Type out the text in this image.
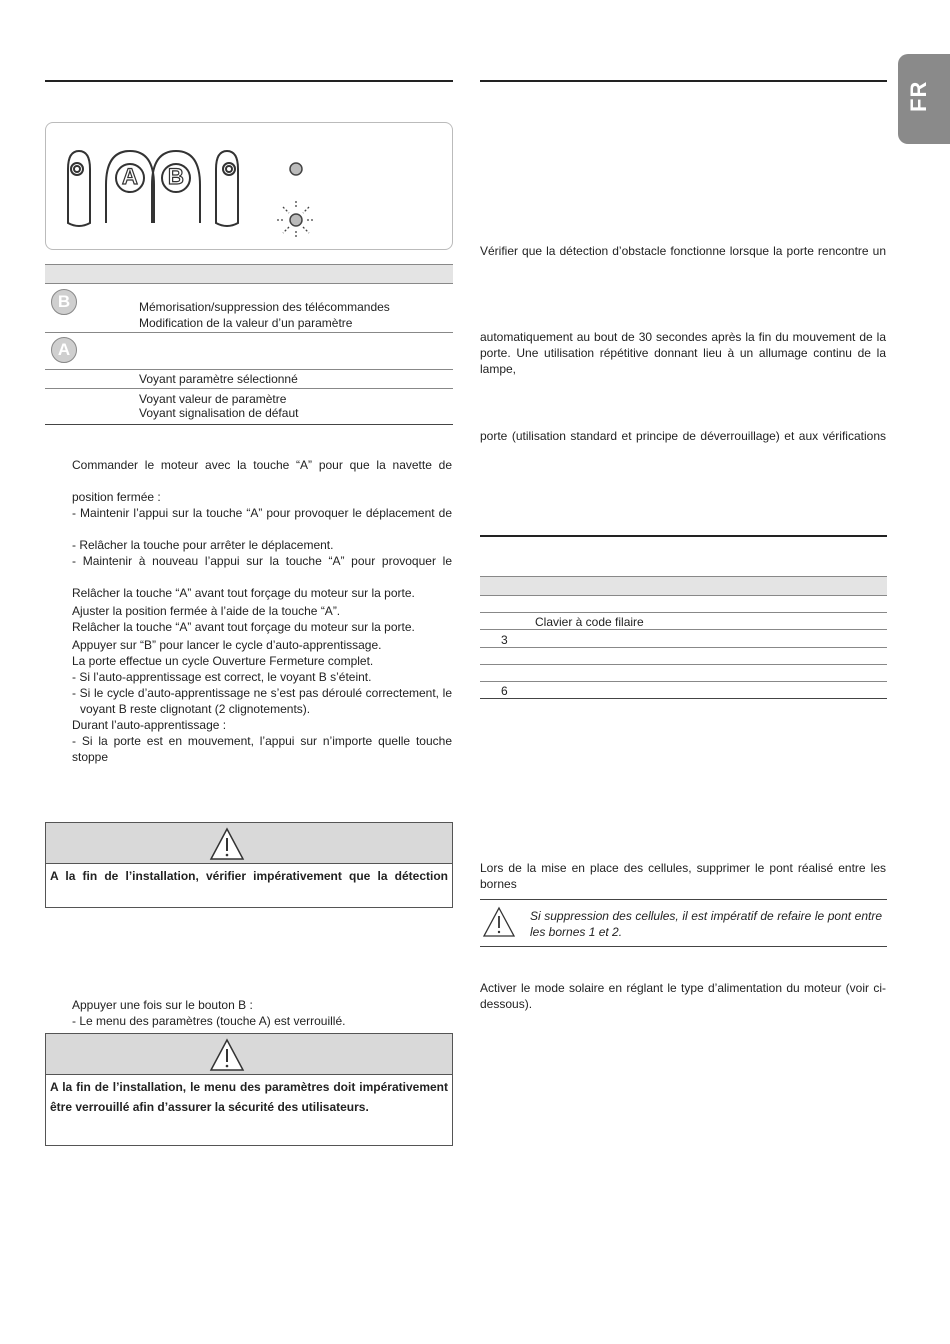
FR
A B
B	Mémorisation/suppression des télécommandes
Modification de la valeur d’un paramètre
A
Voyant paramètre sélectionné
Voyant valeur de paramètre
Voyant signalisation de défaut
Commander le moteur avec la touche “A” pour que la navette de
position fermée :
- Maintenir l’appui sur la touche “A” pour provoquer le déplacement de
- Relâcher la touche pour arrêter le déplacement.
- Maintenir à nouveau l’appui sur la touche “A” pour provoquer le
Relâcher la touche “A” avant tout forçage du moteur sur la porte.
Ajuster la position fermée à l’aide de la touche “A”.
Relâcher la touche “A” avant tout forçage du moteur sur la porte.
Appuyer sur “B” pour lancer le cycle d’auto-apprentissage.
La porte effectue un cycle Ouverture Fermeture complet.
- Si l’auto-apprentissage est correct, le voyant B s’éteint.
- Si le cycle d’auto-apprentissage ne s’est pas déroulé correctement, le
voyant B reste clignotant (2 clignotements).
Durant l’auto-apprentissage :
- Si la porte est en mouvement, l’appui sur n’importe quelle touche stoppe
A la fin de l’installation, vérifier impérativement que la détection
Appuyer une fois sur le bouton B :
- Le menu des paramètres (touche A) est verrouillé.
A la fin de l’installation, le menu des paramètres doit impérativement
être verrouillé afin d’assurer la sécurité des utilisateurs.
Vérifier que la détection d’obstacle fonctionne lorsque la porte rencontre un
automatiquement au bout de 30 secondes après la fin du mouvement de la
porte. Une utilisation répétitive donnant lieu à un allumage continu de la lampe,
porte (utilisation standard et principe de déverrouillage) et aux vérifications
Clavier à code filaire
3
6
Lors de la mise en place des cellules, supprimer le pont réalisé entre les bornes
Si suppression des cellules, il est impératif de refaire le pont entre
les bornes 1 et 2.
Activer le mode solaire en réglant le type d’alimentation du moteur (voir ci-
dessous).
